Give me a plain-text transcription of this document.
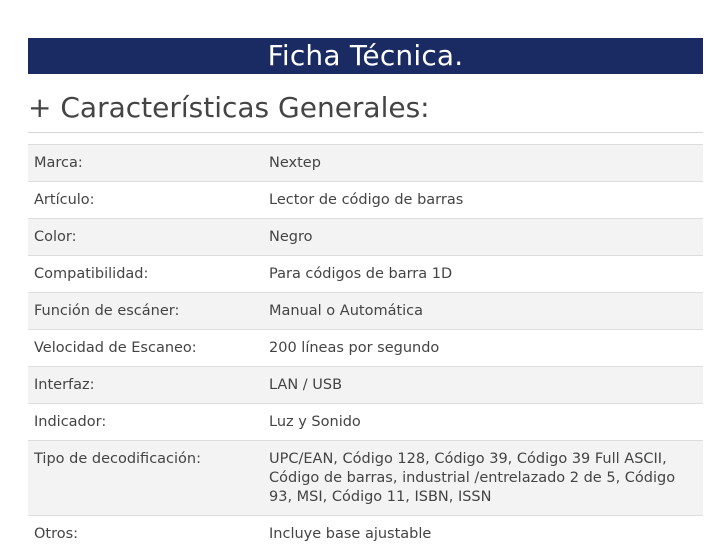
Ficha Técnica.
+ Características Generales:
Marca:	Nextep
Artículo:	Lector de código de barras
Color:	Negro
Compatibilidad:	Para códigos de barra 1D
Función de escáner:	Manual o Automática
Velocidad de Escaneo:	200 líneas por segundo
Interfaz:	LAN / USB
Indicador:	Luz y Sonido
Tipo de decodificación:	UPC/EAN, Código 128, Código 39, Código 39 Full ASCII, Código de barras, industrial /entrelazado 2 de 5, Código 93, MSI, Código 11, ISBN, ISSN
Otros:	Incluye base ajustable
